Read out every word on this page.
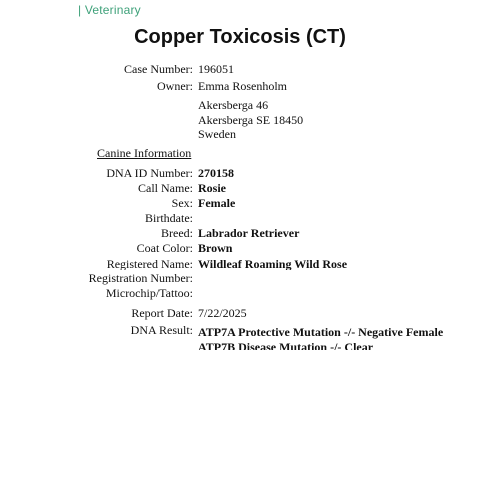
| Veterinary
Copper Toxicosis (CT)
Case Number: 196051
Owner: Emma Rosenholm
Akersberga 46
Akersberga SE 18450
Sweden
Canine Information
DNA ID Number: 270158
Call Name: Rosie
Sex: Female
Birthdate:
Breed: Labrador Retriever
Coat Color: Brown
Registered Name: Wildleaf Roaming Wild Rose
Registration Number:
Microchip/Tattoo:
Report Date: 7/22/2025
DNA Result: ATP7A Protective Mutation -/- Negative Female
ATP7B Disease Mutation -/- Clear
